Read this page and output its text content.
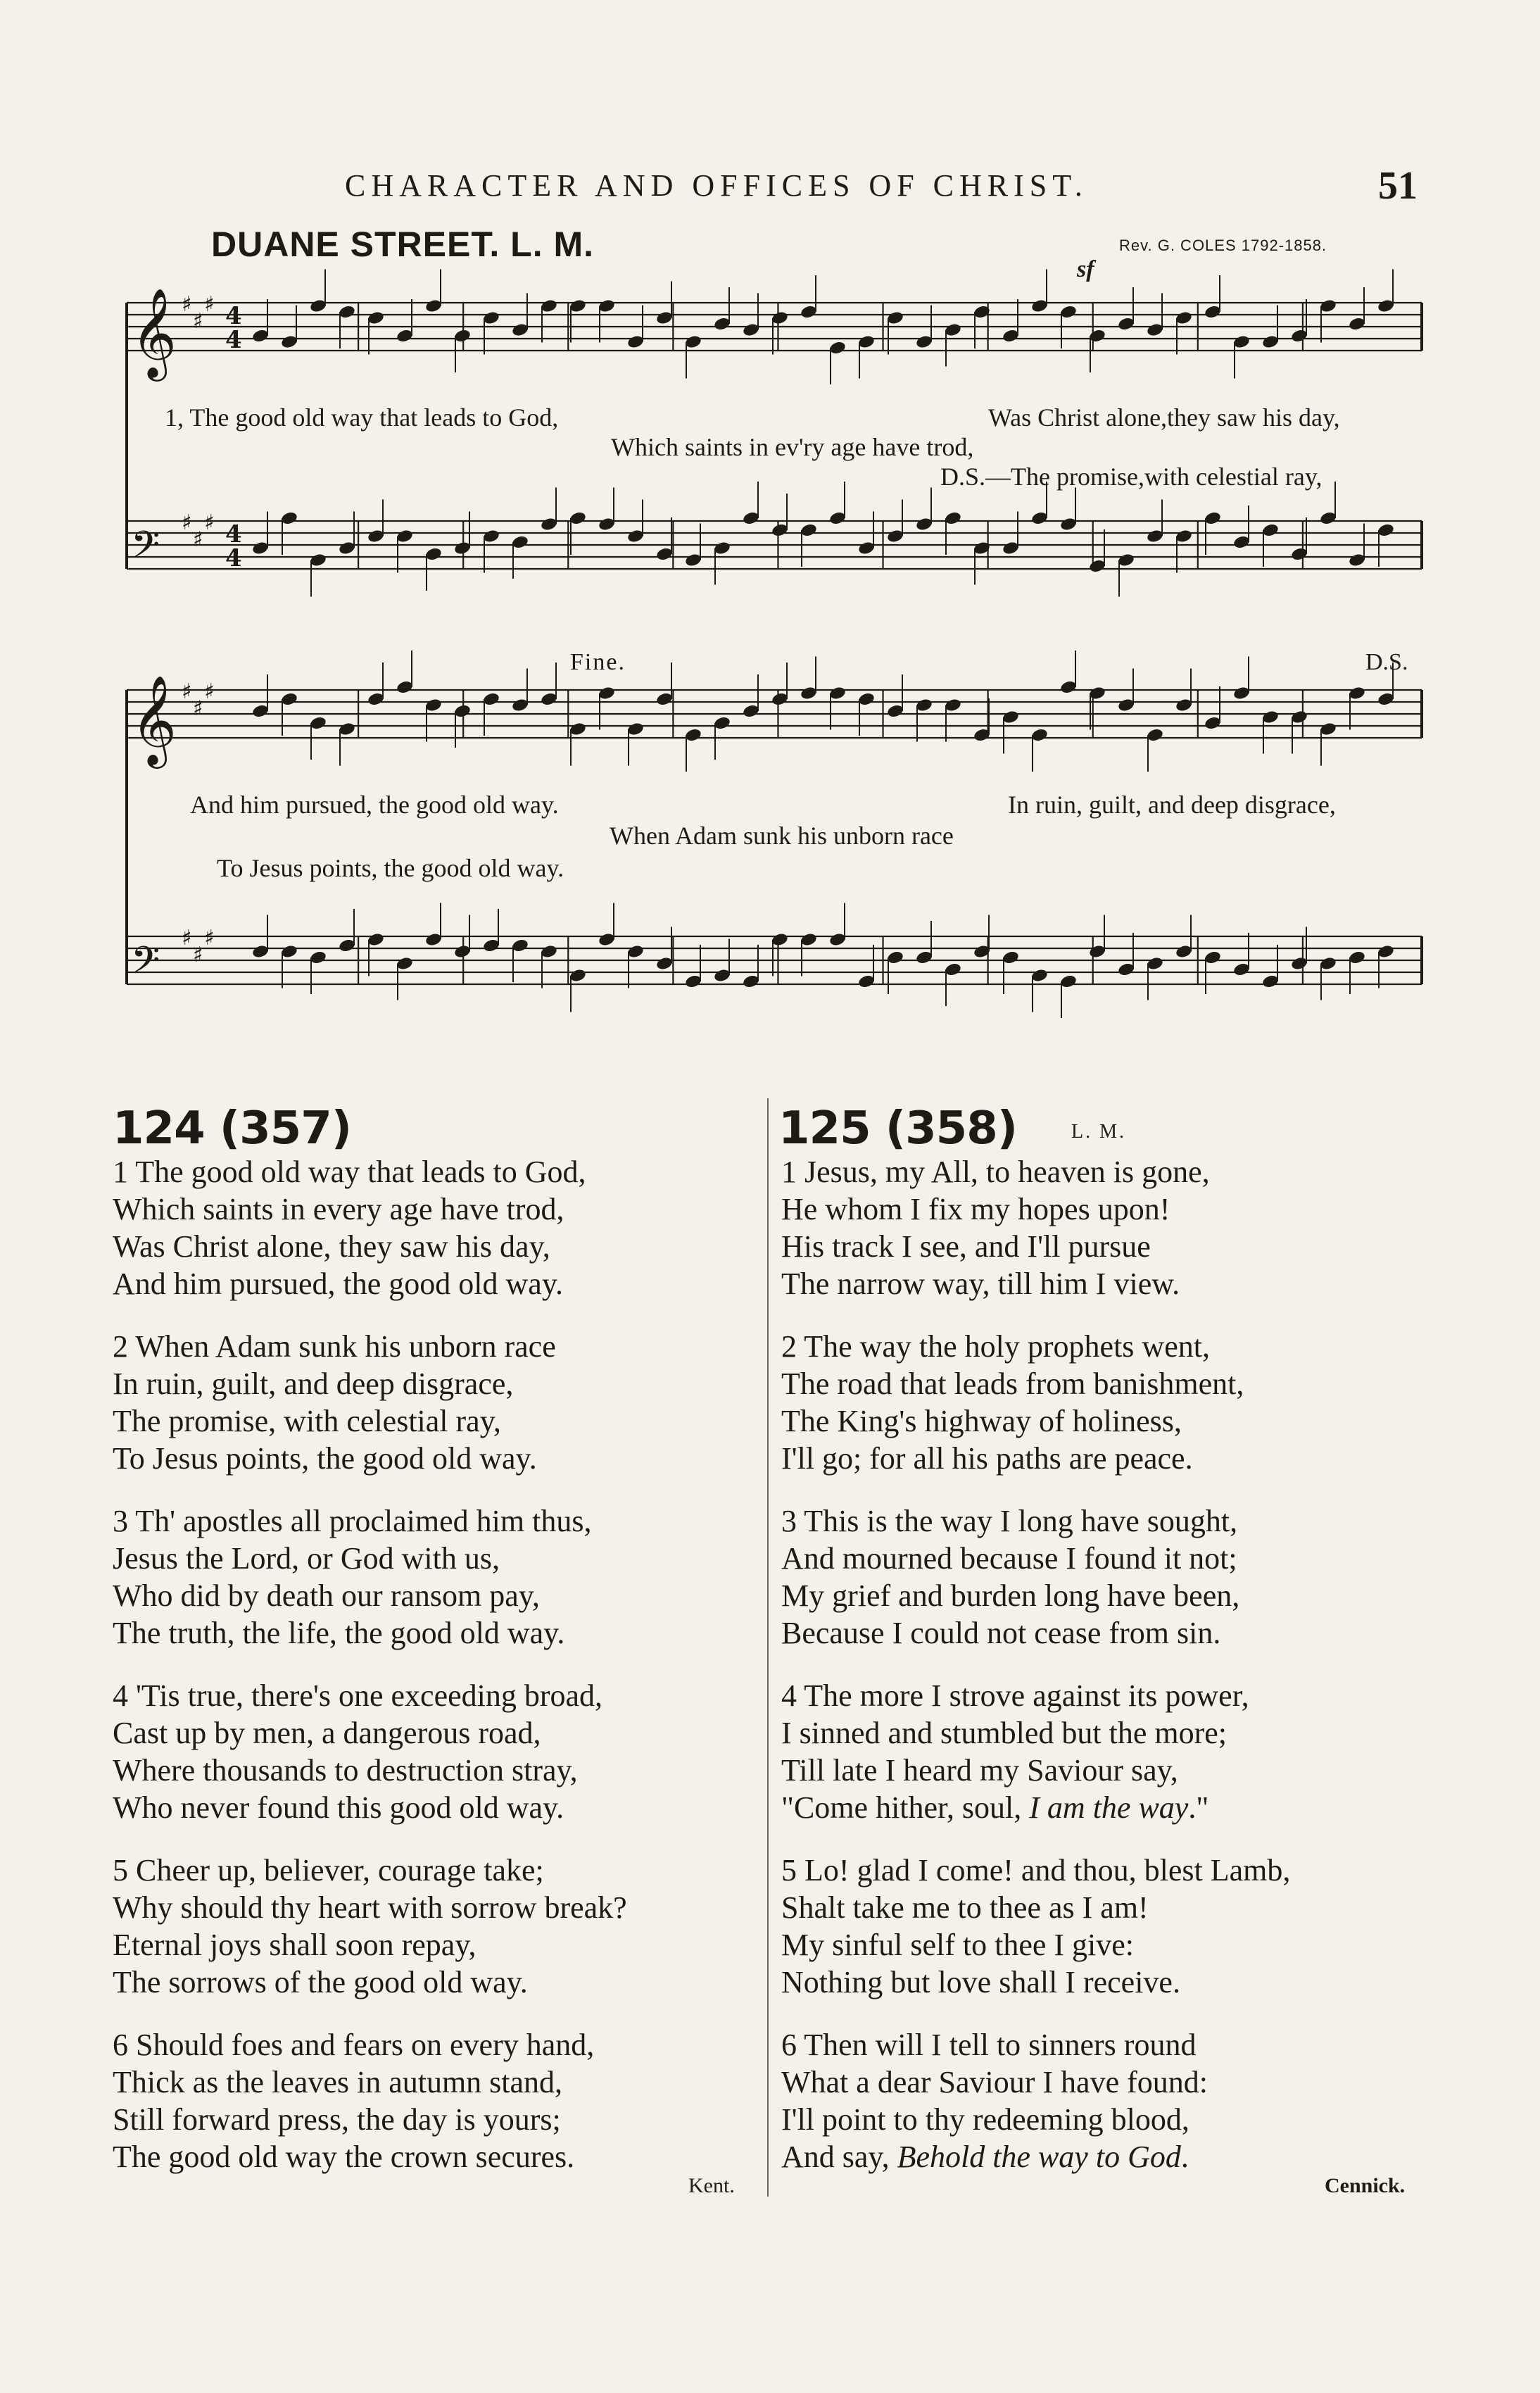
CHARACTER AND OFFICES OF CHRIST.	51
DUANE STREET. L. M.	Rev. G. COLES 1792-1858.
𝄞 ♯
♯
♯ 4
4
𝄢
♯
♯
♯ 4
4
𝄞 ♯
♯
♯
𝄢
♯
♯
♯
sf
Fine.	D.S.
1, The good old way that leads to God,	Was Christ alone,they saw his day,
Which saints in ev'ry age have trod,
D.S.—The promise,with celestial ray,
And him pursued, the good old way.	In ruin, guilt, and deep disgrace,
When Adam sunk his unborn race
To Jesus points, the good old way.
124 (357)
1 The good old way that leads to God,
Which saints in every age have trod,
Was Christ alone, they saw his day,
And him pursued, the good old way.
2 When Adam sunk his unborn race
In ruin, guilt, and deep disgrace,
The promise, with celestial ray,
To Jesus points, the good old way.
3 Th' apostles all proclaimed him thus,
Jesus the Lord, or God with us,
Who did by death our ransom pay,
The truth, the life, the good old way.
4 'Tis true, there's one exceeding broad,
Cast up by men, a dangerous road,
Where thousands to destruction stray,
Who never found this good old way.
5 Cheer up, believer, courage take;
Why should thy heart with sorrow break?
Eternal joys shall soon repay,
The sorrows of the good old way.
6 Should foes and fears on every hand,
Thick as the leaves in autumn stand,
Still forward press, the day is yours;
The good old way the crown secures.
Kent.
125 (358)	L. M.
1 Jesus, my All, to heaven is gone,
He whom I fix my hopes upon!
His track I see, and I'll pursue
The narrow way, till him I view.
2 The way the holy prophets went,
The road that leads from banishment,
The King's highway of holiness,
I'll go; for all his paths are peace.
3 This is the way I long have sought,
And mourned because I found it not;
My grief and burden long have been,
Because I could not cease from sin.
4 The more I strove against its power,
I sinned and stumbled but the more;
Till late I heard my Saviour say,
"Come hither, soul, I am the way."
5 Lo! glad I come! and thou, blest Lamb,
Shalt take me to thee as I am!
My sinful self to thee I give:
Nothing but love shall I receive.
6 Then will I tell to sinners round
What a dear Saviour I have found:
I'll point to thy redeeming blood,
And say, Behold the way to God.
Cennick.
